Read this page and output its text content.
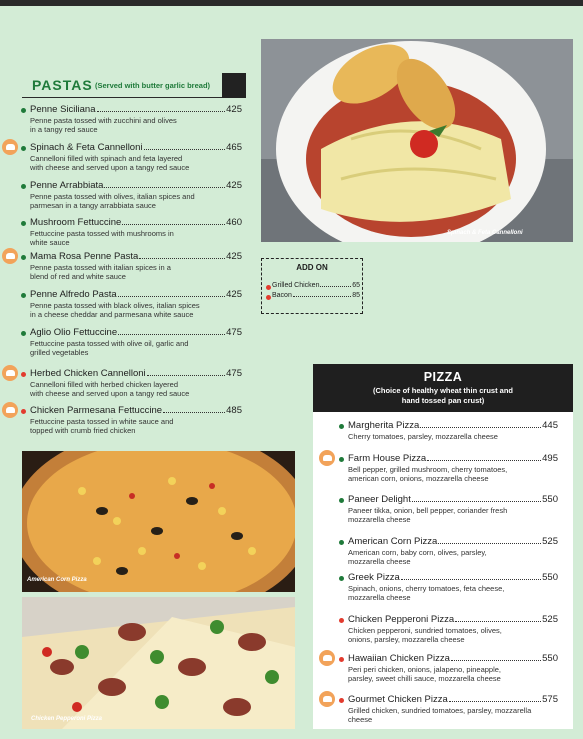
PASTAS (Served with butter garlic bread)
Penne Siciliana	425
Penne pasta tossed with zucchini and olives
in a tangy red sauce
Spinach & Feta Cannelloni	465
Cannelloni filled with spinach and feta layered
with cheese and served upon a tangy red sauce
Penne Arrabbiata	425
Penne pasta tossed with olives, italian spices and
parmesan in a tangy arrabbiata sauce
Mushroom Fettuccine	460
Fettuccine pasta tossed with mushrooms in
white sauce
Mama Rosa Penne Pasta	425
Penne pasta tossed with italian spices in a
blend of red and white sauce
Penne Alfredo Pasta	425
Penne pasta tossed with black olives, italian spices
in a cheese cheddar and parmesana white sauce
Aglio Olio Fettuccine	475
Fettuccine pasta tossed with olive oil, garlic and
grilled vegetables
Herbed Chicken Cannelloni	475
Cannelloni filled with herbed chicken layered
with cheese and served upon a tangy red sauce
Chicken Parmesana Fettuccine	485
Fettuccine pasta tossed in white sauce and
topped with crumb fried chicken
Spinach & Feta Cannelloni
ADD ON
Grilled Chicken	65
Bacon	85
American Corn Pizza
Chicken Pepperoni Pizza
PIZZA
(Choice of healthy wheat thin crust and
hand tossed pan crust)
Margherita Pizza	445
Cherry tomatoes, parsley, mozzarella cheese
Farm House Pizza	495
Bell pepper, grilled mushroom, cherry tomatoes,
american corn, onions, mozzarella cheese
Paneer Delight	550
Paneer tikka, onion, bell pepper, coriander fresh
mozzarella cheese
American Corn Pizza	525
American corn, baby corn, olives, parsley,
mozzarella cheese
Greek Pizza	550
Spinach, onions, cherry tomatoes, feta cheese,
mozzarella cheese
Chicken Pepperoni Pizza	525
Chicken pepperoni, sundried tomatoes, olives,
onions, parsley, mozzarella cheese
Hawaiian Chicken Pizza	550
Peri peri chicken, onions, jalapeno, pineapple,
parsley, sweet chilli sauce, mozzarella cheese
Gourmet Chicken Pizza	575
Grilled chicken, sundried tomatoes, parsley, mozzarella
cheese
